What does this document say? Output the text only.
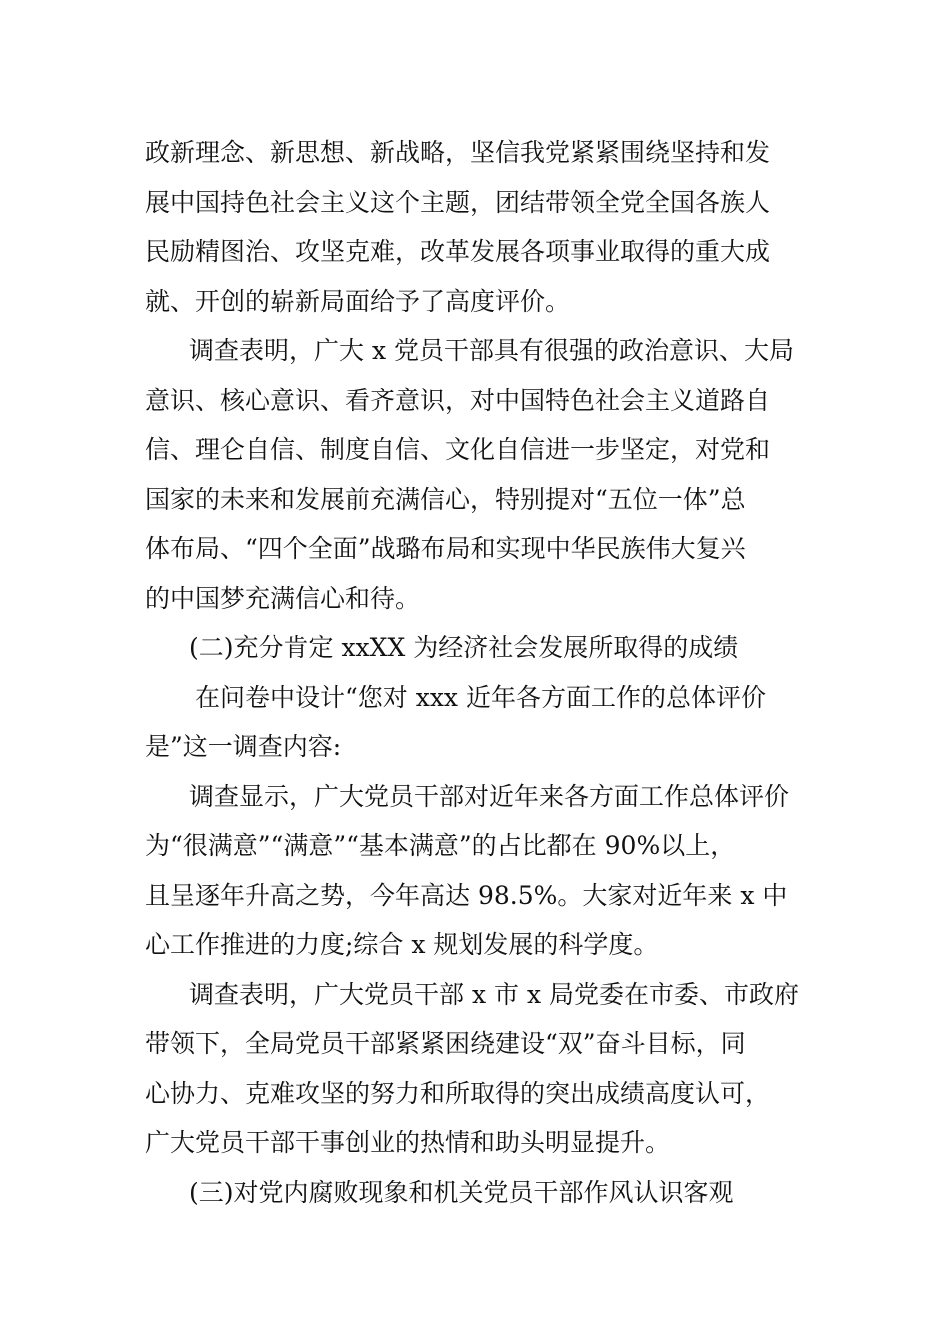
政新理念、新思想、新战略，坚信我党紧紧围绕坚持和发
展中国持色社会主义这个主题，团结带领全党全国各族人
民励精图治、攻坚克难，改革发展各项事业取得的重大成
就、开创的崭新局面给予了高度评价。
调查表明，广大 x 党员干部具有很强的政治意识、大局
意识、核心意识、看齐意识，对中国特色社会主义道路自
信、理仑自信、制度自信、文化自信进一步坚定，对党和
国家的未来和发展前充满信心，特别提对“五位一体”总
体布局、“四个全面”战璐布局和实现中华民族伟大复兴
的中国梦充满信心和待。
(二)充分肯定 xxXX 为经济社会发展所取得的成绩
在问卷中设计“您对 xxx 近年各方面工作的总体评价
是”这一调查内容:
调查显示，广大党员干部对近年来各方面工作总体评价
为“很满意”“满意”“基本满意”的占比都在 90%以上，
且呈逐年升高之势，今年高达 98.5%。大家对近年来 x 中
心工作推进的力度;综合 x 规划发展的科学度。
调查表明，广大党员干部 x 市 x 局党委在市委、市政府
带领下，全局党员干部紧紧困绕建设“双”奋斗目标，同
心协力、克难攻坚的努力和所取得的突出成绩高度认可，
广大党员干部干事创业的热情和助头明显提升。
(三)对党内腐败现象和机关党员干部作风认识客观
